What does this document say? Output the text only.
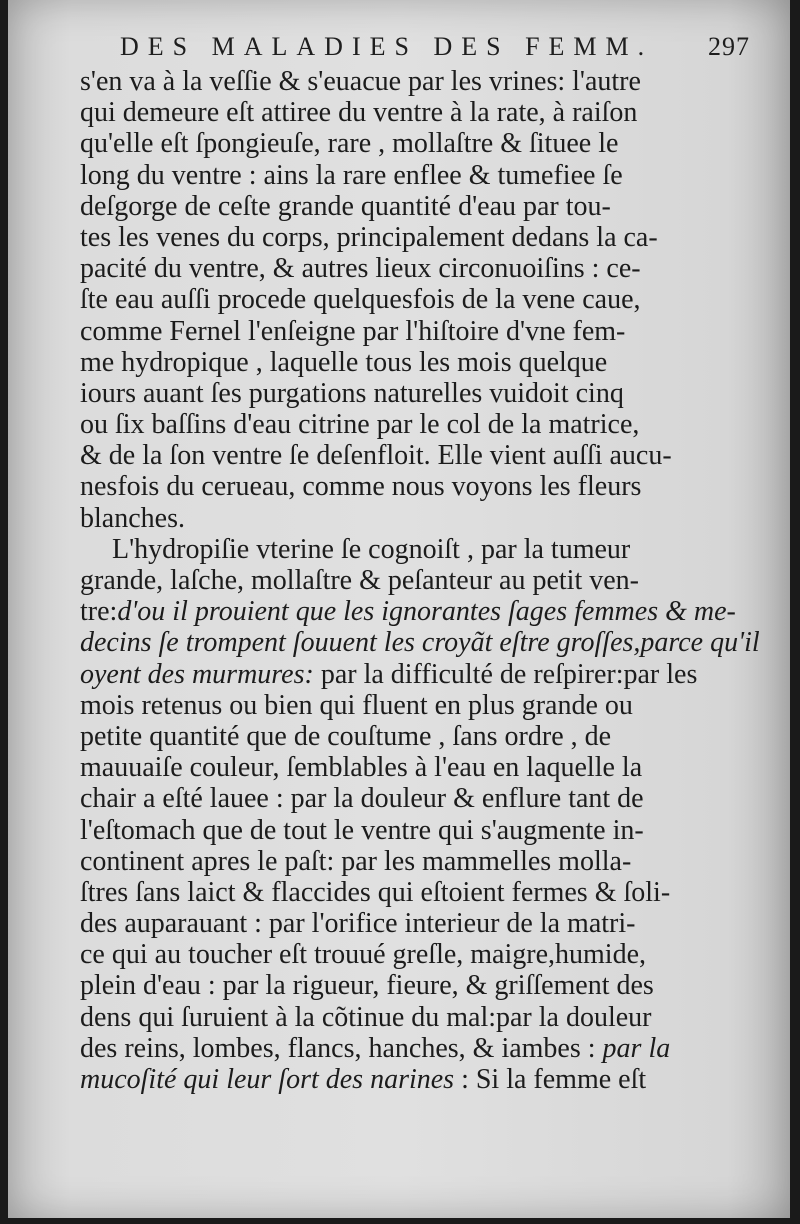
DES MALADIES DES FEMM. 297
s'en va à la veſſie & s'euacue par les vrines: l'autre
qui demeure eſt attiree du ventre à la rate, à raiſon
qu'elle eſt ſpongieuſe, rare , mollaſtre & ſituee le
long du ventre : ains la rare enflee & tumefiee ſe
deſgorge de ceſte grande quantité d'eau par tou-
tes les venes du corps, principalement dedans la ca-
pacité du ventre, & autres lieux circonuoiſins : ce-
ſte eau auſſi procede quelquesfois de la vene caue,
comme Fernel l'enſeigne par l'hiſtoire d'vne fem-
me hydropique , laquelle tous les mois quelque
iours auant ſes purgations naturelles vuidoit cinq
ou ſix baſſins d'eau citrine par le col de la matrice,
& de la ſon ventre ſe deſenfloit. Elle vient auſſi aucu-
nesfois du cerueau, comme nous voyons les fleurs
blanches.
L'hydropiſie vterine ſe cognoiſt , par la tumeur
grande, laſche, mollaſtre & peſanteur au petit ven-
tre:d'ou il prouient que les ignorantes ſages femmes & me-
decins ſe trompent ſouuent les croyãt eſtre groſſes,parce qu'il
oyent des murmures: par la difficulté de reſpirer:par les
mois retenus ou bien qui fluent en plus grande ou
petite quantité que de couſtume , ſans ordre , de
mauuaiſe couleur, ſemblables à l'eau en laquelle la
chair a eſté lauee : par la douleur & enflure tant de
l'eſtomach que de tout le ventre qui s'augmente in-
continent apres le paſt: par les mammelles molla-
ſtres ſans laict & flaccides qui eſtoient fermes & ſoli-
des auparauant : par l'orifice interieur de la matri-
ce qui au toucher eſt trouué greſle, maigre,humide,
plein d'eau : par la rigueur, fieure, & griſſement des
dens qui ſuruient à la cõtinue du mal:par la douleur
des reins, lombes, flancs, hanches, & iambes : par la
mucoſité qui leur ſort des narines : Si la femme eſt
